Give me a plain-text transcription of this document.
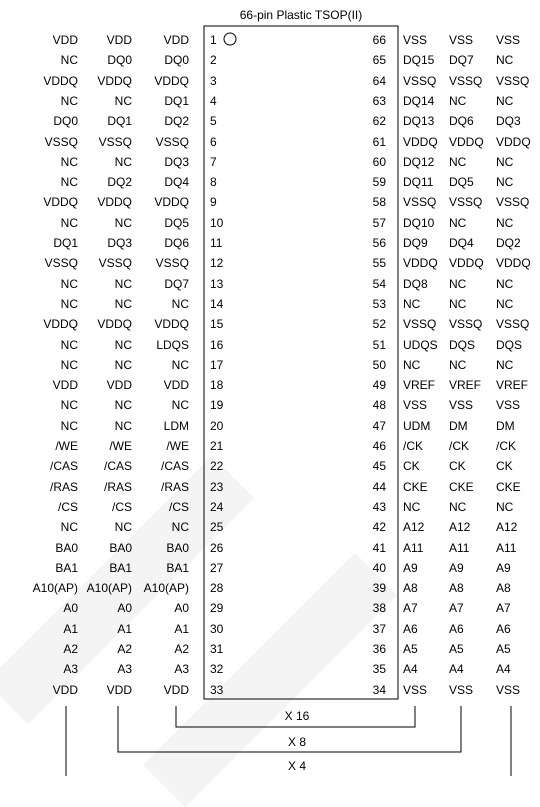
66-pin Plastic TSOP(II)
X 16
X 8
X 4
VDD	VDD	VDD 1
NC	DQ0	DQ0 2
VDDQ	VDDQ	VDDQ 3
NC	NC	DQ1 4
DQ0	DQ1	DQ2 5
VSSQ	VSSQ	VSSQ 6
NC	NC	DQ3 7
NC	DQ2	DQ4 8
VDDQ	VDDQ	VDDQ 9
NC	NC	DQ5 10
DQ1	DQ3	DQ6 11
VSSQ	VSSQ	VSSQ 12
NC	NC	DQ7 13
NC	NC	NC 14
VDDQ	VDDQ	VDDQ 15
NC	NC	LDQS 16
NC	NC	NC 17
VDD	VDD	VDD 18
NC	NC	NC 19
NC	NC	LDM 20
/WE	/WE	/WE 21
/CAS	/CAS	/CAS 22
/RAS	/RAS	/RAS 23
/CS	/CS	/CS 24
NC	NC	NC 25
BA0	BA0	BA0 26
BA1	BA1	BA1 27
A10(AP) A10(AP) A10(AP) 28
A0	A0	A0 29
A1	A1	A1 30
A2	A2	A2 31
A3	A3	A3 32
VDD	VDD	VDD 33
66 VSS VSS VSS
65 DQ15 DQ7 NC
64 VSSQ VSSQ VSSQ
63 DQ14 NC NC
62 DQ13 DQ6 DQ3
61 VDDQ VDDQ VDDQ
60 DQ12 NC NC
59 DQ11 DQ5 NC
58 VSSQ VSSQ VSSQ
57 DQ10 NC NC
56 DQ9 DQ4 DQ2
55 VDDQ VDDQ VDDQ
54 DQ8 NC NC
53 NC NC NC
52 VSSQ VSSQ VSSQ
51 UDQS DQS DQS
50 NC NC NC
49 VREF VREF VREF
48 VSS VSS VSS
47 UDM DM DM
46 /CK /CK /CK
45 CK CK	CK
44 CKE CKE CKE
43 NC NC NC
42 A12 A12 A12
41 A11 A11 A11
40 A9	A9	A9
39 A8	A8	A8
38 A7	A7	A7
37 A6	A6	A6
36 A5	A5	A5
35 A4	A4	A4
34 VSS VSS VSS
